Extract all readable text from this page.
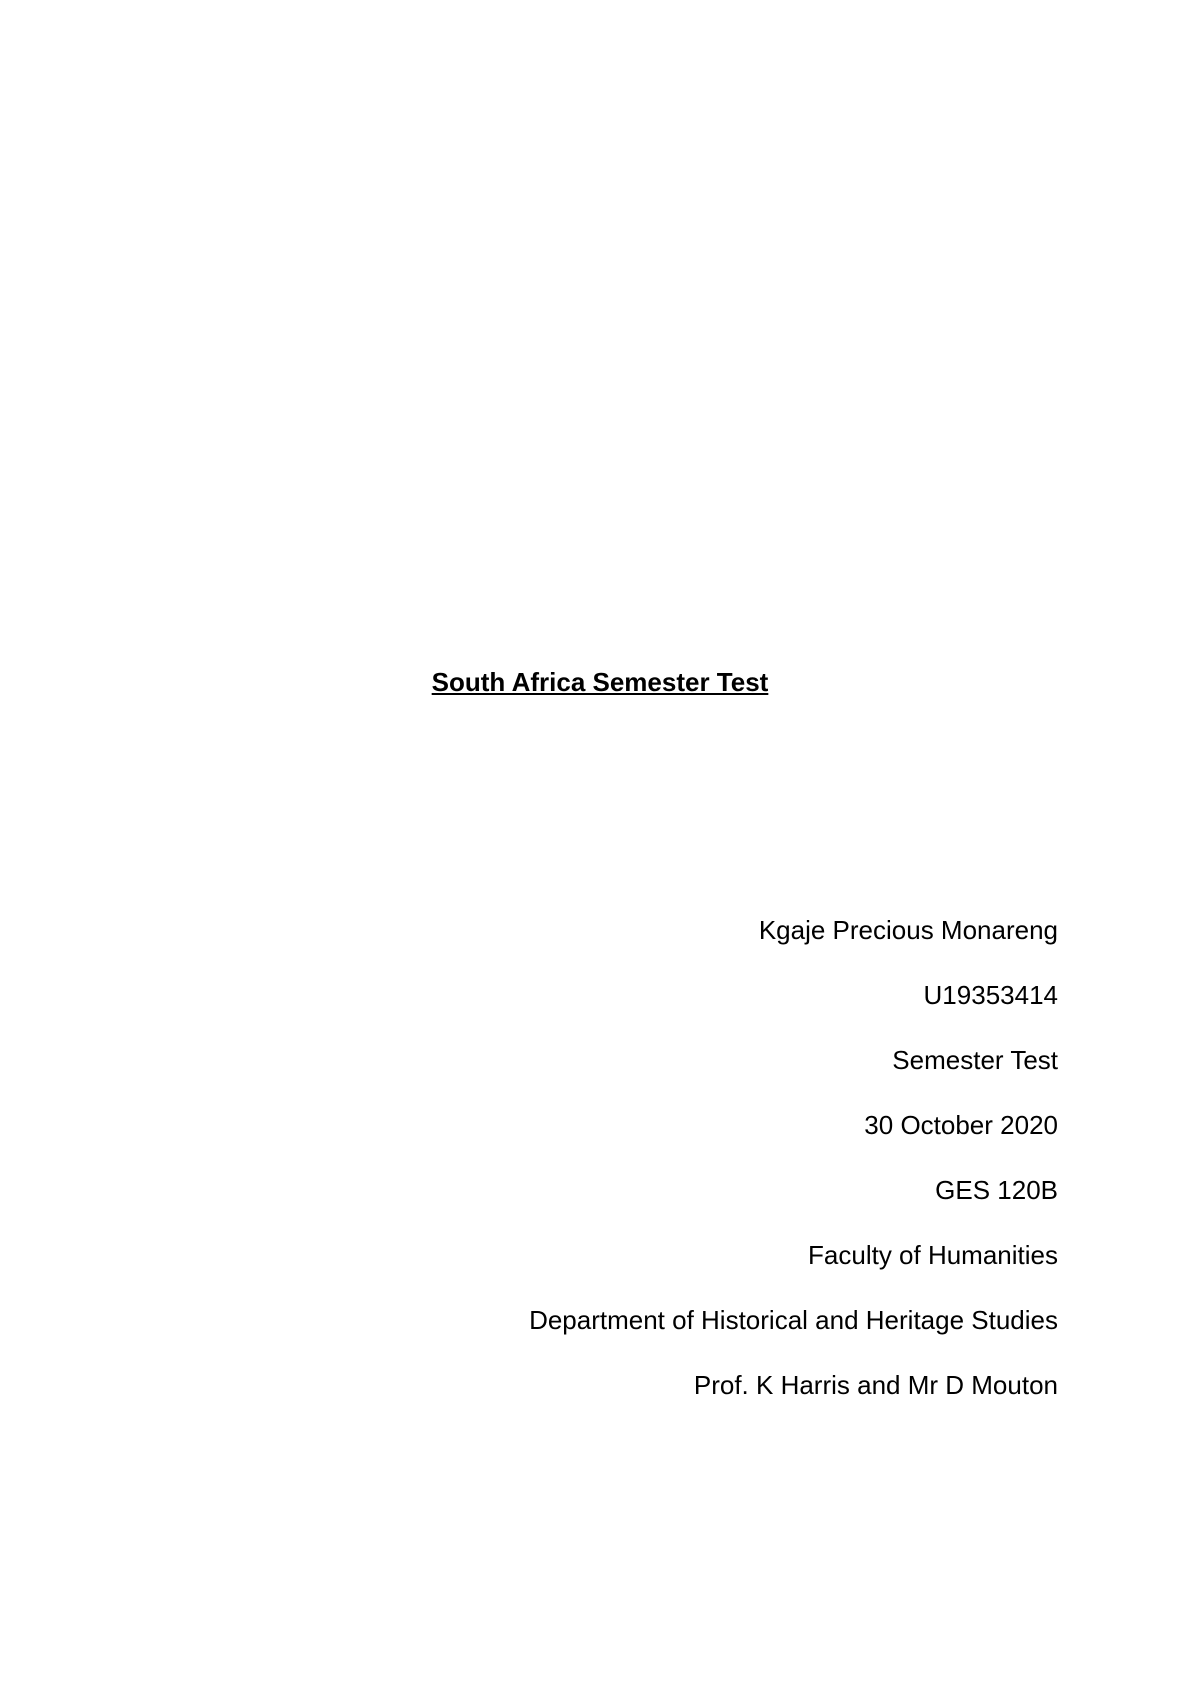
South Africa Semester Test
Kgaje Precious Monareng
U19353414
Semester Test
30 October 2020
GES 120B
Faculty of Humanities
Department of Historical and Heritage Studies
Prof. K Harris and Mr D Mouton
